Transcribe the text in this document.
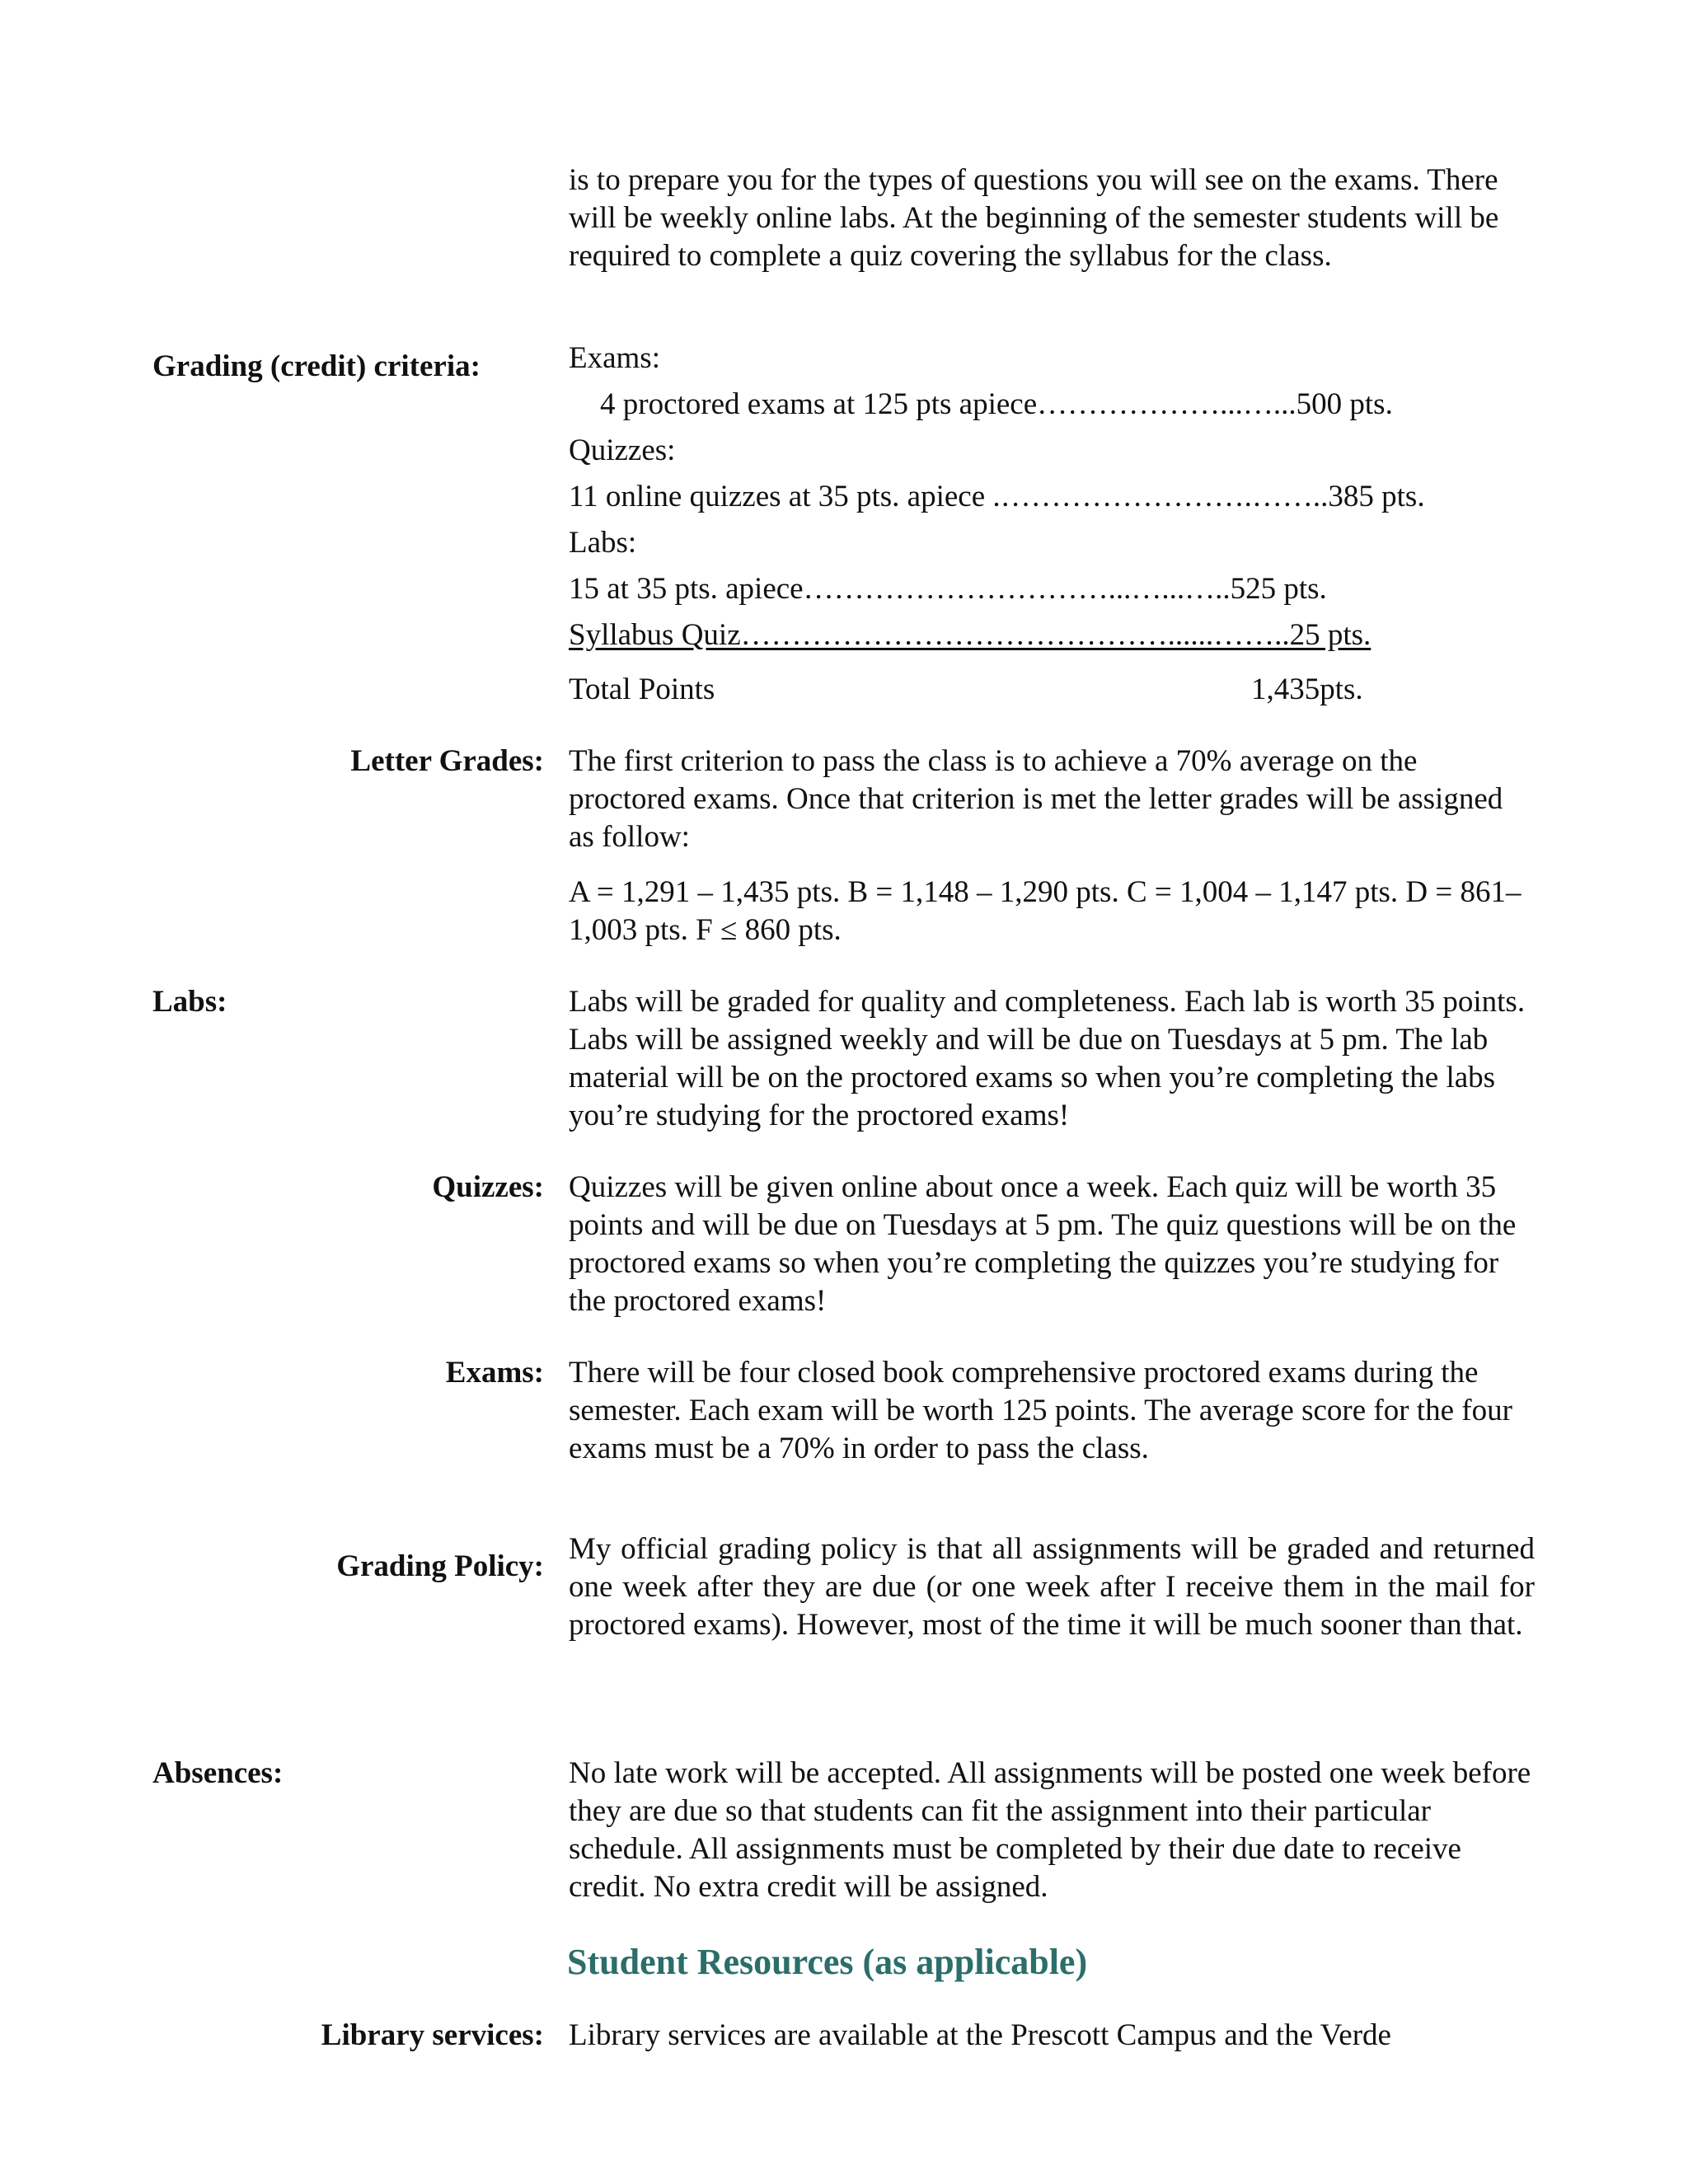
is to prepare you for the types of questions you will see on the exams. There will be weekly online labs. At the beginning of the semester students will be required to complete a quiz covering the syllabus for the class.

Grading (credit) criteria:	Exams:
4 proctored exams at 125 pts apiece………………...…...500 pts.
Quizzes:
11 online quizzes at 35 pts. apiece .…………………….……..385 pts.
Labs:
15 at 35 pts. apiece…………………………...…...…..525 pts.
Syllabus Quiz……………………………………......……..25 pts.
Total Points	1,435pts.
Letter Grades: The first criterion to pass the class is to achieve a 70% average on the proctored exams. Once that criterion is met the letter grades will be assigned as follow:

A = 1,291 – 1,435 pts. B = 1,148 – 1,290 pts. C = 1,004 – 1,147 pts. D = 861– 1,003 pts. F ≤ 860 pts.

Labs:	Labs will be graded for quality and completeness. Each lab is worth 35 points. Labs will be assigned weekly and will be due on Tuesdays at 5 pm. The lab material will be on the proctored exams so when you’re completing the labs you’re studying for the proctored exams!

Quizzes: Quizzes will be given online about once a week. Each quiz will be worth 35 points and will be due on Tuesdays at 5 pm. The quiz questions will be on the proctored exams so when you’re completing the quizzes you’re studying for the proctored exams!

Exams: There will be four closed book comprehensive proctored exams during the semester. Each exam will be worth 125 points. The average score for the four exams must be a 70% in order to pass the class.

Grading Policy:

My official grading policy is that all assignments will be graded and returned one week after they are due (or one week after I receive them in the mail for proctored exams). However, most of the time it will be much sooner than that.

Absences:	No late work will be accepted. All assignments will be posted one week before they are due so that students can fit the assignment into their particular schedule. All assignments must be completed by their due date to receive credit. No extra credit will be assigned.

Student Resources (as applicable)
Library services: Library services are available at the Prescott Campus and the Verde
